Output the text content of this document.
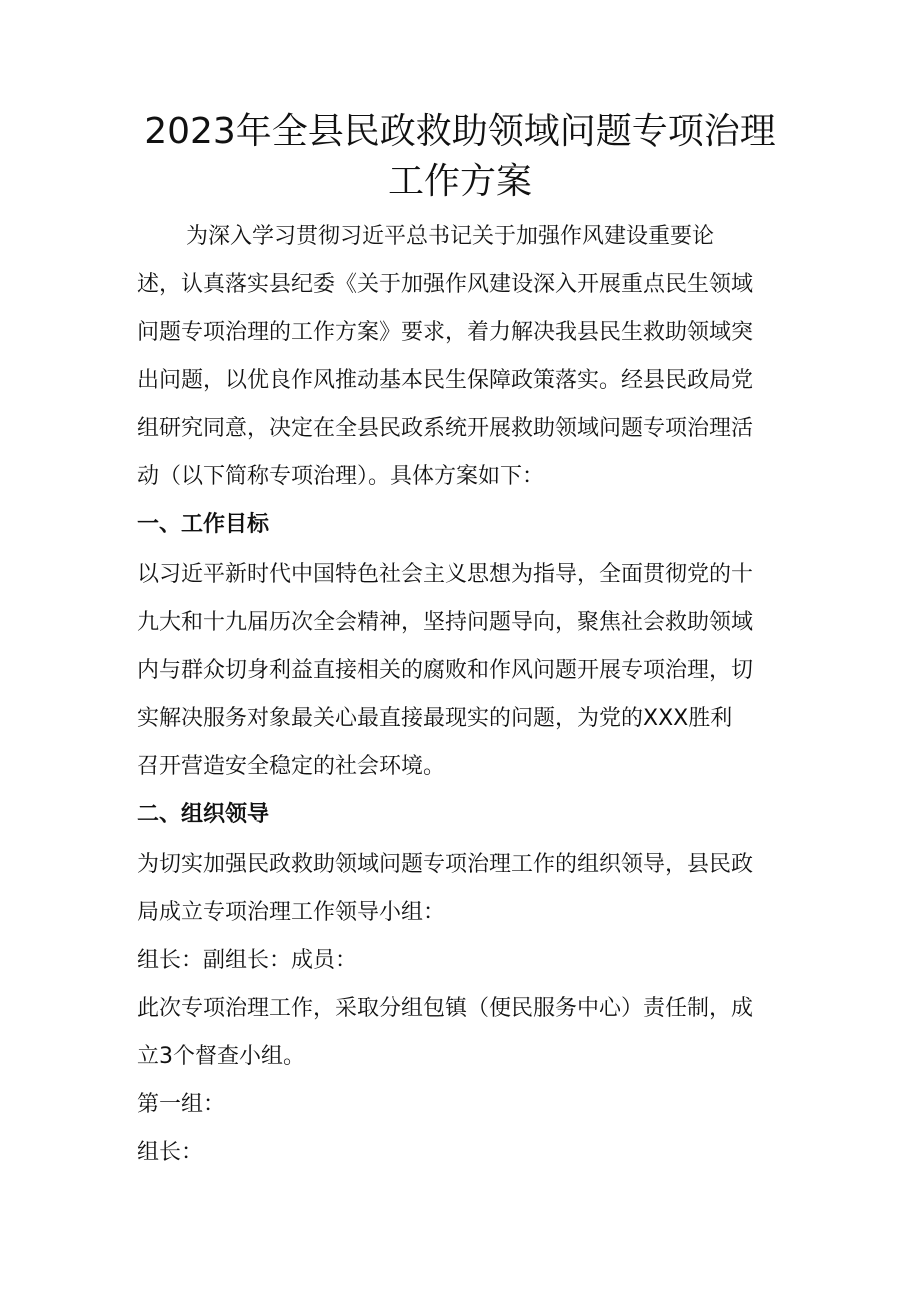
2023年全县民政救助领域问题专项治理
工作方案

为深入学习贯彻习近平总书记关于加强作风建设重要论

述，认真落实县纪委《关于加强作风建设深入开展重点民生领域

问题专项治理的工作方案》要求，着力解决我县民生救助领域突

出问题，以优良作风推动基本民生保障政策落实。经县民政局党

组研究同意，决定在全县民政系统开展救助领域问题专项治理活

动（以下简称专项治理）。具体方案如下：

一、工作目标

以习近平新时代中国特色社会主义思想为指导，全面贯彻党的十

九大和十九届历次全会精神，坚持问题导向，聚焦社会救助领域

内与群众切身利益直接相关的腐败和作风问题开展专项治理，切

实解决服务对象最关心最直接最现实的问题，为党的XXX胜利

召开营造安全稳定的社会环境。

二、组织领导

为切实加强民政救助领域问题专项治理工作的组织领导，县民政

局成立专项治理工作领导小组：

组长：副组长：成员：

此次专项治理工作，采取分组包镇（便民服务中心）责任制，成

立3个督查小组。

第一组：

组长：
